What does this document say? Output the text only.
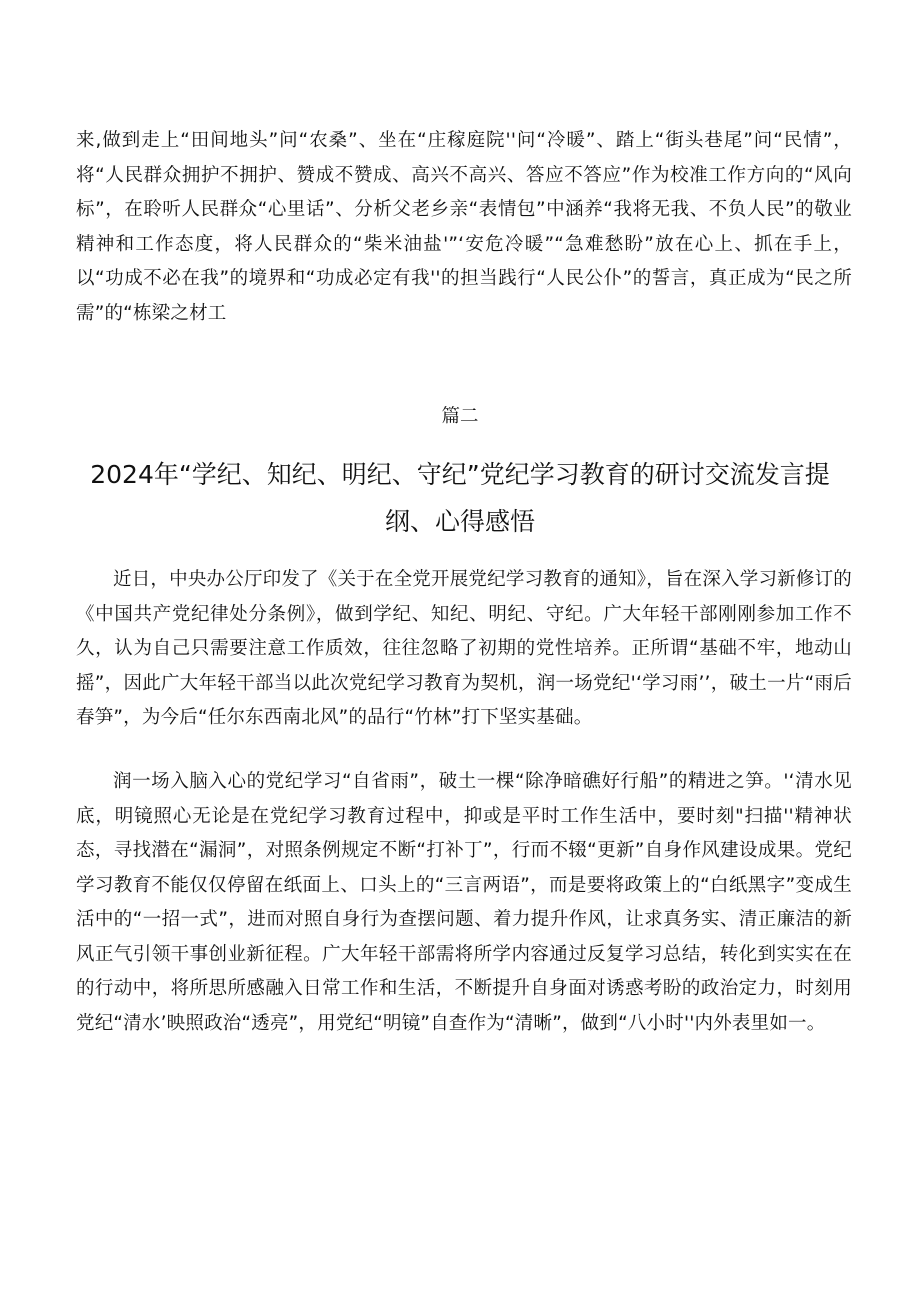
来,做到走上“田间地头”问“农桑”、坐在“庄稼庭院''问“冷暖”、踏上“街头巷尾”问“民情”，将“人民群众拥护不拥护、赞成不赞成、高兴不高兴、答应不答应”作为校准工作方向的“风向标”，在聆听人民群众“心里话”、分析父老乡亲“表情包”中涵养“我将无我、不负人民”的敬业精神和工作态度，将人民群众的“柴米油盐'”‘安危冷暖”“急难愁盼”放在心上、抓在手上，以“功成不必在我”的境界和“功成必定有我''的担当践行“人民公仆”的誓言，真正成为“民之所需”的“栋梁之材工

篇二

2024年“学纪、知纪、明纪、守纪”党纪学习教育的研讨交流发言提纲、心得感悟

近日，中央办公厅印发了《关于在全党开展党纪学习教育的通知》，旨在深入学习新修订的《中国共产党纪律处分条例》，做到学纪、知纪、明纪、守纪。广大年轻干部刚刚参加工作不久，认为自己只需要注意工作质效，往往忽略了初期的党性培养。正所谓“基础不牢，地动山摇”，因此广大年轻干部当以此次党纪学习教育为契机，润一场党纪'‘学习雨’’，破土一片“雨后春笋”，为今后“任尔东西南北风”的品行“竹林”打下坚实基础。

润一场入脑入心的党纪学习“自省雨”，破土一棵“除净暗礁好行船”的精进之笋。'‘清水见底，明镜照心无论是在党纪学习教育过程中，抑或是平时工作生活中，要时刻"扫描''精神状态，寻找潜在“漏洞”，对照条例规定不断“打补丁”，行而不辍“更新”自身作风建设成果。党纪学习教育不能仅仅停留在纸面上、口头上的“三言两语”，而是要将政策上的“白纸黑字”变成生活中的“一招一式”，进而对照自身行为查摆问题、着力提升作风，让求真务实、清正廉洁的新风正气引领干事创业新征程。广大年轻干部需将所学内容通过反复学习总结，转化到实实在在的行动中，将所思所感融入日常工作和生活，不断提升自身面对诱惑考盼的政治定力，时刻用党纪“清水’映照政治“透亮”，用党纪“明镜”自查作为“清晰”，做到“八小时''内外表里如一。
